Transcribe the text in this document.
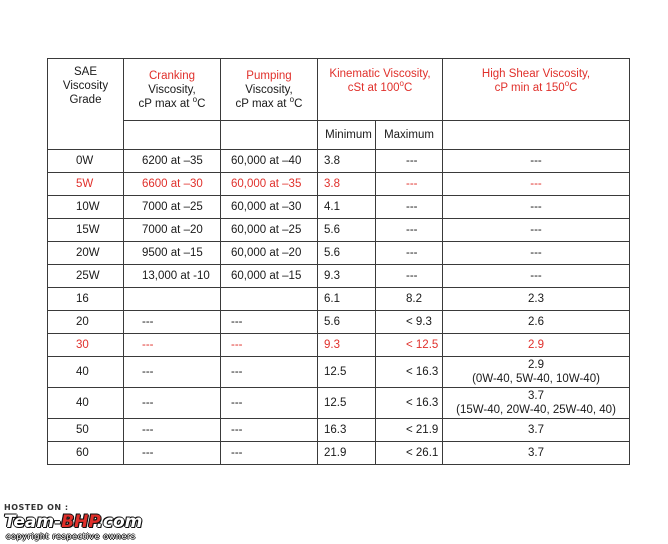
SAE
Viscosity
Grade	Cranking
Viscosity,
cP max at $^o$C	Pumping
Viscosity,
cP max at $^o$C	Kinematic Viscosity,
cSt at 100$^o$C		High Shear Viscosity,
cP min at 150$^o$C

			Minimum	Maximum	
0W	6200 at –35	60,000 at –40	3.8	---	---
5W	6600 at –30	60,000 at –35	3.8	---	---
10W	7000 at –25	60,000 at –30	4.1	---	---
15W	7000 at –20	60,000 at –25	5.6	---	---
20W	9500 at –15	60,000 at –20	5.6	---	---
25W	13,000 at -10	60,000 at –15	9.3	---	---
16			6.1	8.2	2.3
20	---	---	5.6	< 9.3	2.6
30	---	---	9.3	< 12.5	2.9
40	---	---	12.5	< 16.3	2.9
(0W-40, 5W-40, 10W-40)

40	---	---	12.5	< 16.3	3.7
(15W-40, 20W-40, 25W-40, 40)

50	---	---	16.3	< 21.9	3.7
60	---	---	21.9	< 26.1	3.7
HOSTED ON :
Team-BHP.com
copyright respective owners
